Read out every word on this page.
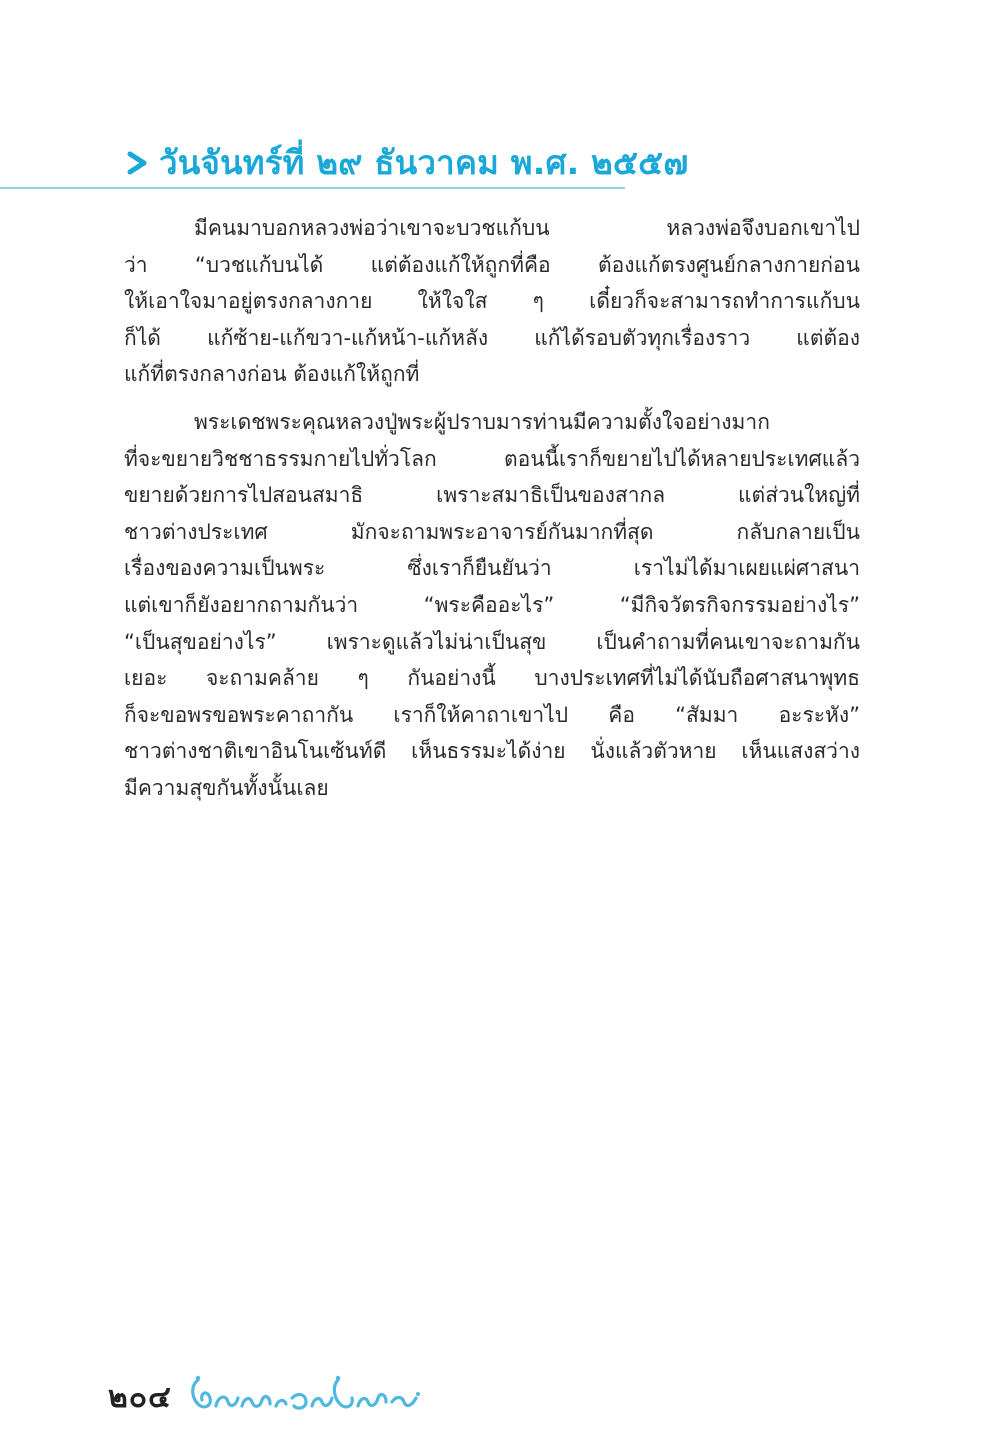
วันจันทร์ที่ ๒๙ ธันวาคม พ.ศ. ๒๕๕๗

มีคนมาบอกหลวงพ่อว่าเขาจะบวชแก้บน หลวงพ่อจึงบอกเขาไป
ว่า “บวชแก้บนได้ แต่ต้องแก้ให้ถูกที่คือ ต้องแก้ตรงศูนย์กลางกายก่อน
ให้เอาใจมาอยู่ตรงกลางกาย ให้ใจใส ๆ เดี๋ยวก็จะสามารถทำการแก้บน
ก็ได้ แก้ซ้าย-แก้ขวา-แก้หน้า-แก้หลัง แก้ได้รอบตัวทุกเรื่องราว แต่ต้อง
แก้ที่ตรงกลางก่อน ต้องแก้ให้ถูกที่

พระเดชพระคุณหลวงปู่พระผู้ปราบมารท่านมีความตั้งใจอย่างมาก
ที่จะขยายวิชชาธรรมกายไปทั่วโลก ตอนนี้เราก็ขยายไปได้หลายประเทศแล้ว
ขยายด้วยการไปสอนสมาธิ เพราะสมาธิเป็นของสากล แต่ส่วนใหญ่ที่
ชาวต่างประเทศ มักจะถามพระอาจารย์กันมากที่สุด กลับกลายเป็น
เรื่องของความเป็นพระ ซึ่งเราก็ยืนยันว่า เราไม่ได้มาเผยแผ่ศาสนา
แต่เขาก็ยังอยากถามกันว่า “พระคืออะไร” “มีกิจวัตรกิจกรรมอย่างไร”
“เป็นสุขอย่างไร” เพราะดูแล้วไม่น่าเป็นสุข เป็นคำถามที่คนเขาจะถามกัน
เยอะ จะถามคล้าย ๆ กันอย่างนี้ บางประเทศที่ไม่ได้นับถือศาสนาพุทธ
ก็จะขอพรขอพระคาถากัน เราก็ให้คาถาเขาไป คือ “สัมมา อะระหัง”
ชาวต่างชาติเขาอินโนเซ้นท์ดี เห็นธรรมะได้ง่าย นั่งแล้วตัวหาย เห็นแสงสว่าง
มีความสุขกันทั้งนั้นเลย

๒๐๔
